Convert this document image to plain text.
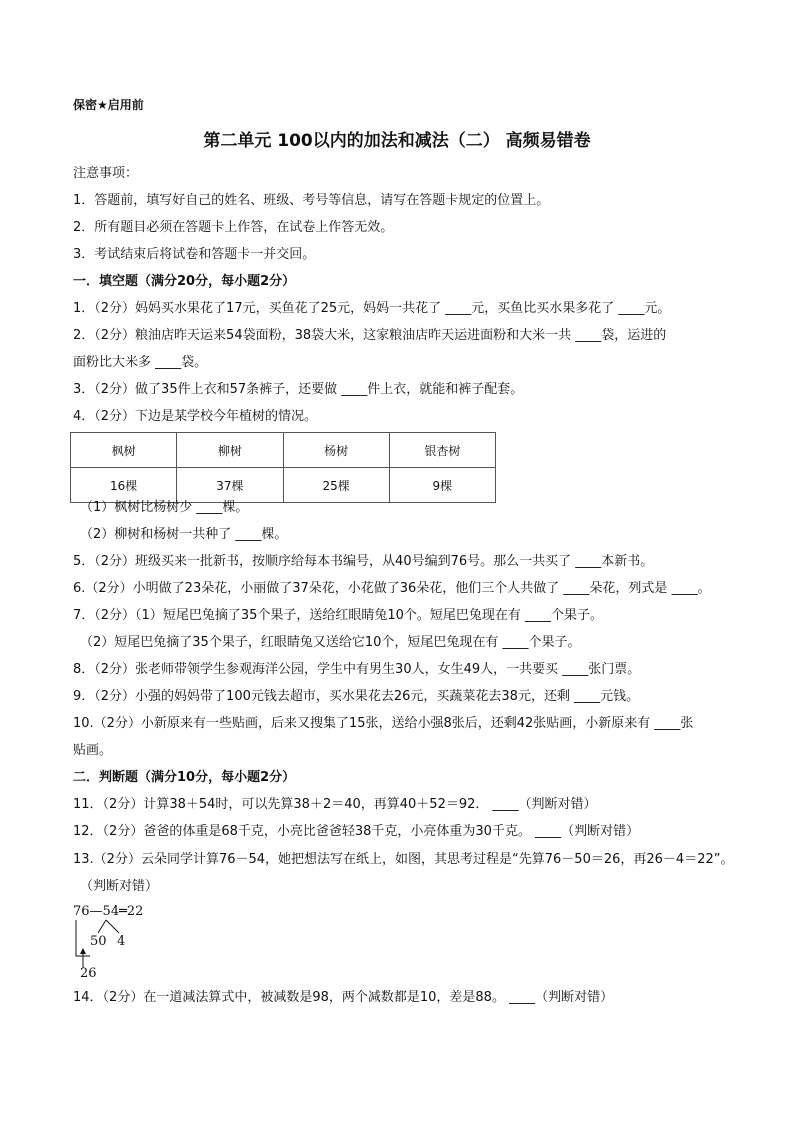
保密★启用前
第二单元 100以内的加法和减法（二） 高频易错卷
注意事项：
1．答题前，填写好自己的姓名、班级、考号等信息，请写在答题卡规定的位置上。
2．所有题目必须在答题卡上作答，在试卷上作答无效。
3．考试结束后将试卷和答题卡一并交回。
一．填空题（满分20分，每小题2分）
1．（2分）妈妈买水果花了17元，买鱼花了25元，妈妈一共花了 ____元，买鱼比买水果多花了 ____元。
2．（2分）粮油店昨天运来54袋面粉，38袋大米，这家粮油店昨天运进面粉和大米一共 ____袋，运进的
面粉比大米多 ____袋。
3．（2分）做了35件上衣和57条裤子，还要做 ____件上衣，就能和裤子配套。
4．（2分）下边是某学校今年植树的情况。
枫树	柳树	杨树	银杏树
16棵	37棵	25棵	9棵
（1）枫树比杨树少 ____棵。
（2）柳树和杨树一共种了 ____棵。
5．（2分）班级买来一批新书，按顺序给每本书编号，从40号编到76号。那么一共买了 ____本新书。
6.（2分）小明做了23朵花，小丽做了37朵花，小花做了36朵花，他们三个人共做了 ____朵花，列式是 ____。
7．（2分）（1）短尾巴兔摘了35个果子，送给红眼睛兔10个。短尾巴兔现在有 ____个果子。
（2）短尾巴兔摘了35个果子，红眼睛兔又送给它10个，短尾巴兔现在有 ____个果子。
8．（2分）张老师带领学生参观海洋公园，学生中有男生30人，女生49人，一共要买 ____张门票。
9．（2分）小强的妈妈带了100元钱去超市，买水果花去26元，买蔬菜花去38元，还剩 ____元钱。
10.（2分）小新原来有一些贴画，后来又搜集了15张，送给小强8张后，还剩42张贴画，小新原来有 ____张
贴画。
二．判断题（满分10分，每小题2分）
11．（2分）计算38＋54时，可以先算38＋2＝40，再算40＋52＝92． ____（判断对错）
12．（2分）爸爸的体重是68千克，小亮比爸爸轻38千克，小亮体重为30千克。 ____（判断对错）
13.（2分）云朵同学计算76－54，她把想法写在纸上，如图，其思考过程是“先算76－50＝26，再26－4＝22”。
（判断对错）
76—54═22
50 4
26
14．（2分）在一道减法算式中，被减数是98，两个减数都是10，差是88。 ____（判断对错）
